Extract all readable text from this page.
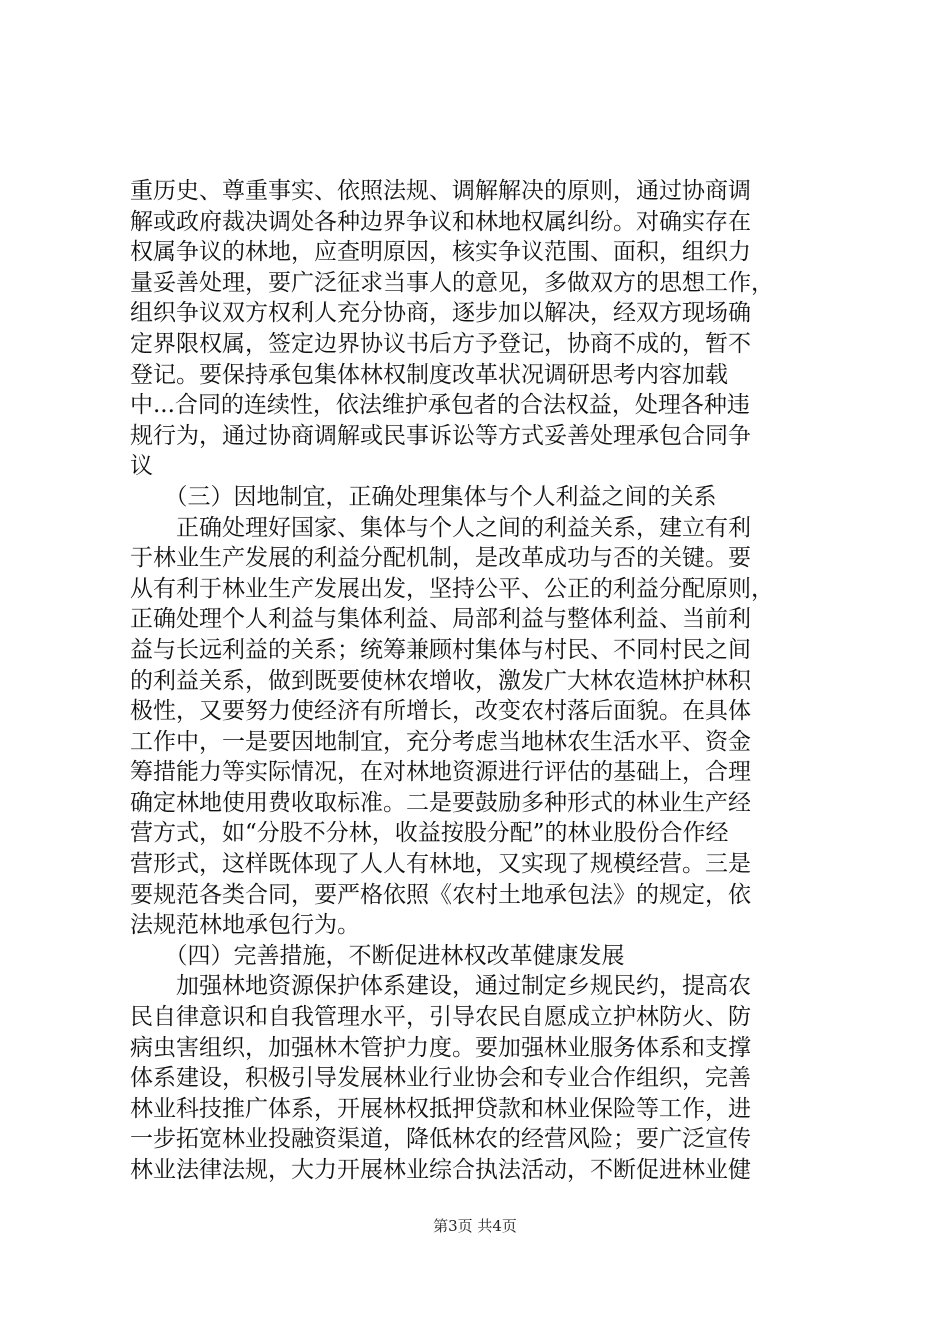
重历史、尊重事实、依照法规、调解解决的原则，通过协商调
解或政府裁决调处各种边界争议和林地权属纠纷。对确实存在
权属争议的林地，应查明原因，核实争议范围、面积，组织力
量妥善处理，要广泛征求当事人的意见，多做双方的思想工作，
组织争议双方权利人充分协商，逐步加以解决，经双方现场确
定界限权属，签定边界协议书后方予登记，协商不成的，暂不
登记。要保持承包集体林权制度改革状况调研思考内容加载
中...合同的连续性，依法维护承包者的合法权益，处理各种违
规行为，通过协商调解或民事诉讼等方式妥善处理承包合同争
议
　　（三）因地制宜，正确处理集体与个人利益之间的关系
　　正确处理好国家、集体与个人之间的利益关系，建立有利
于林业生产发展的利益分配机制，是改革成功与否的关键。要
从有利于林业生产发展出发，坚持公平、公正的利益分配原则，
正确处理个人利益与集体利益、局部利益与整体利益、当前利
益与长远利益的关系；统筹兼顾村集体与村民、不同村民之间
的利益关系，做到既要使林农增收，激发广大林农造林护林积
极性，又要努力使经济有所增长，改变农村落后面貌。在具体
工作中，一是要因地制宜，充分考虑当地林农生活水平、资金
筹措能力等实际情况，在对林地资源进行评估的基础上，合理
确定林地使用费收取标准。二是要鼓励多种形式的林业生产经
营方式，如“分股不分林，收益按股分配”的林业股份合作经
营形式，这样既体现了人人有林地，又实现了规模经营。三是
要规范各类合同，要严格依照《农村土地承包法》的规定，依
法规范林地承包行为。
　　（四）完善措施，不断促进林权改革健康发展
　　加强林地资源保护体系建设，通过制定乡规民约，提高农
民自律意识和自我管理水平，引导农民自愿成立护林防火、防
病虫害组织，加强林木管护力度。要加强林业服务体系和支撑
体系建设，积极引导发展林业行业协会和专业合作组织，完善
林业科技推广体系，开展林权抵押贷款和林业保险等工作，进
一步拓宽林业投融资渠道，降低林农的经营风险；要广泛宣传
林业法律法规，大力开展林业综合执法活动，不断促进林业健
第3页 共4页
